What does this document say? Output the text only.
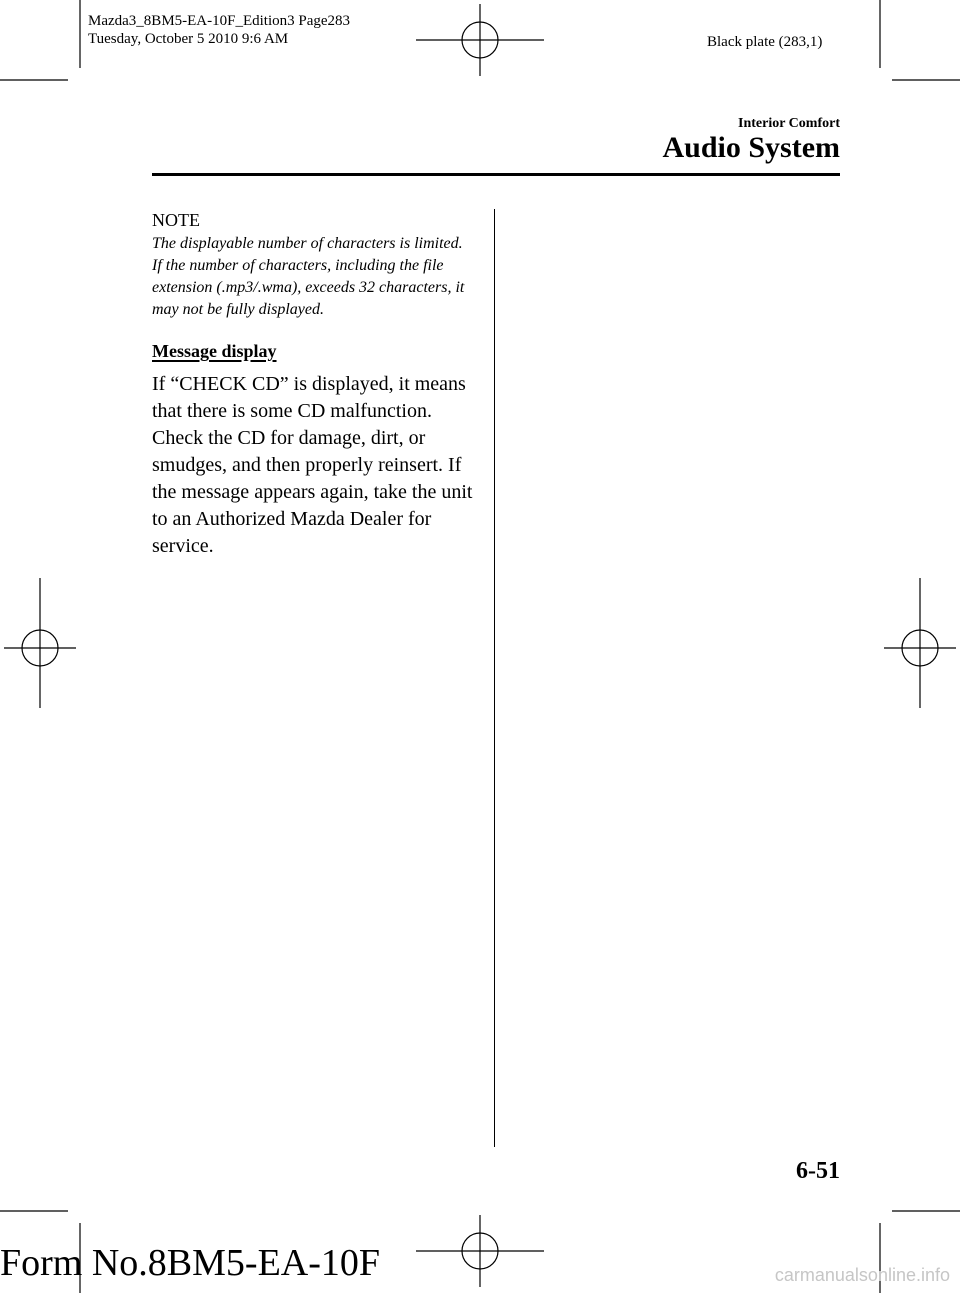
Mazda3_8BM5-EA-10F_Edition3 Page283
Tuesday, October 5 2010 9:6 AM	Black plate (283,1)
Interior Comfort
Audio System
NOTE
The displayable number of characters is limited. If the number of characters, including the file extension (.mp3/.wma), exceeds 32 characters, it may not be fully displayed.
Message display
If “CHECK CD” is displayed, it means that there is some CD malfunction. Check the CD for damage, dirt, or smudges, and then properly reinsert. If the message appears again, take the unit to an Authorized Mazda Dealer for service.
6-51
Form No.8BM5-EA-10F	carmanualsonline.info
